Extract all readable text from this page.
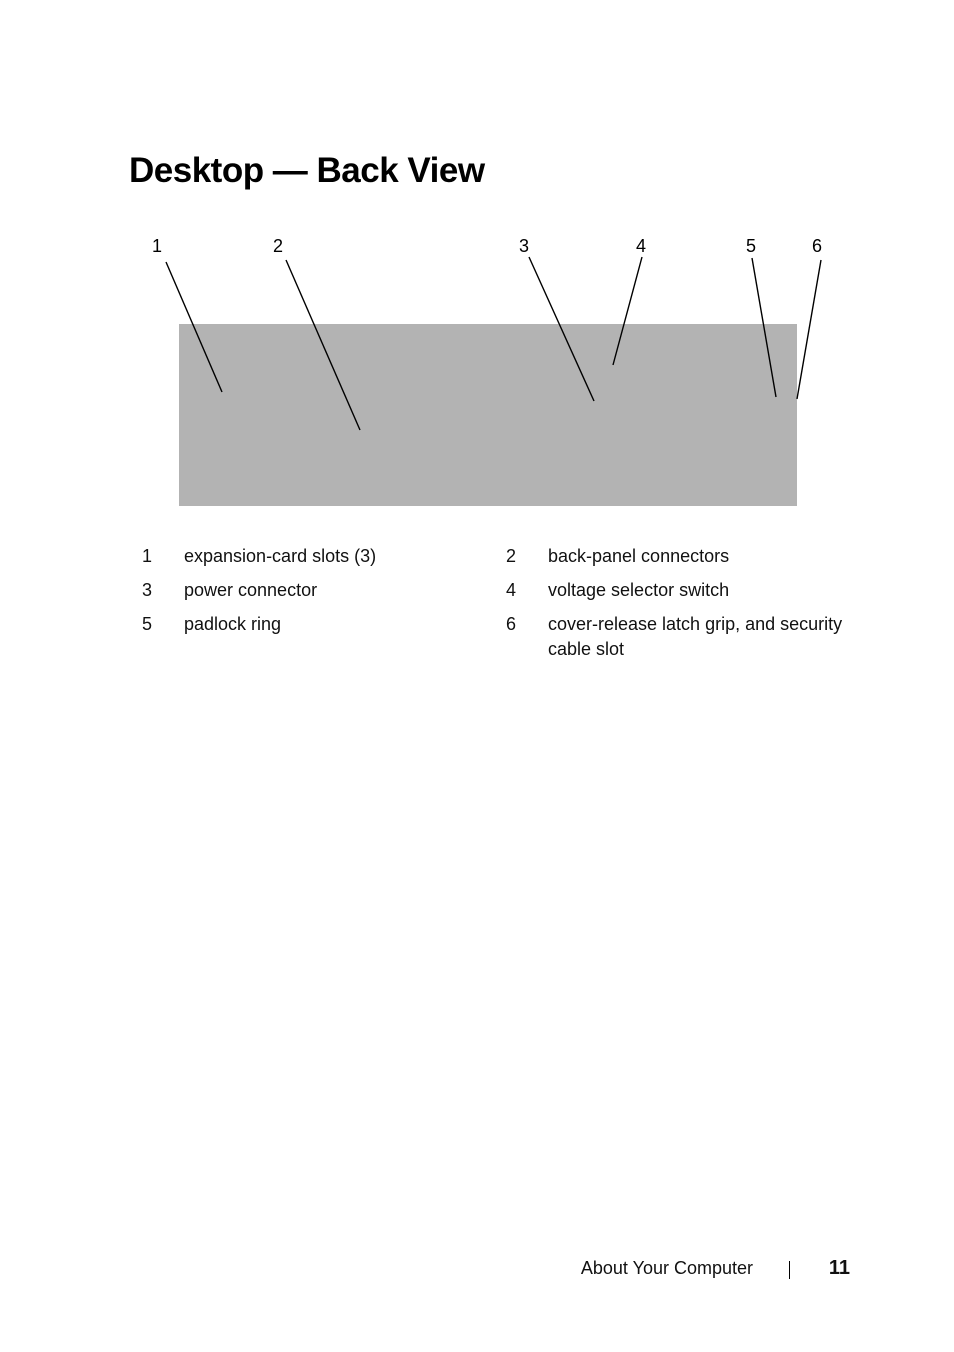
Desktop — Back View
1	2	3	4	5	6
1 expansion-card slots (3)	2 back-panel connectors
3 power connector	4 voltage selector switch
5 padlock ring	6 cover-release latch grip, and security cable slot
About Your Computer	11
